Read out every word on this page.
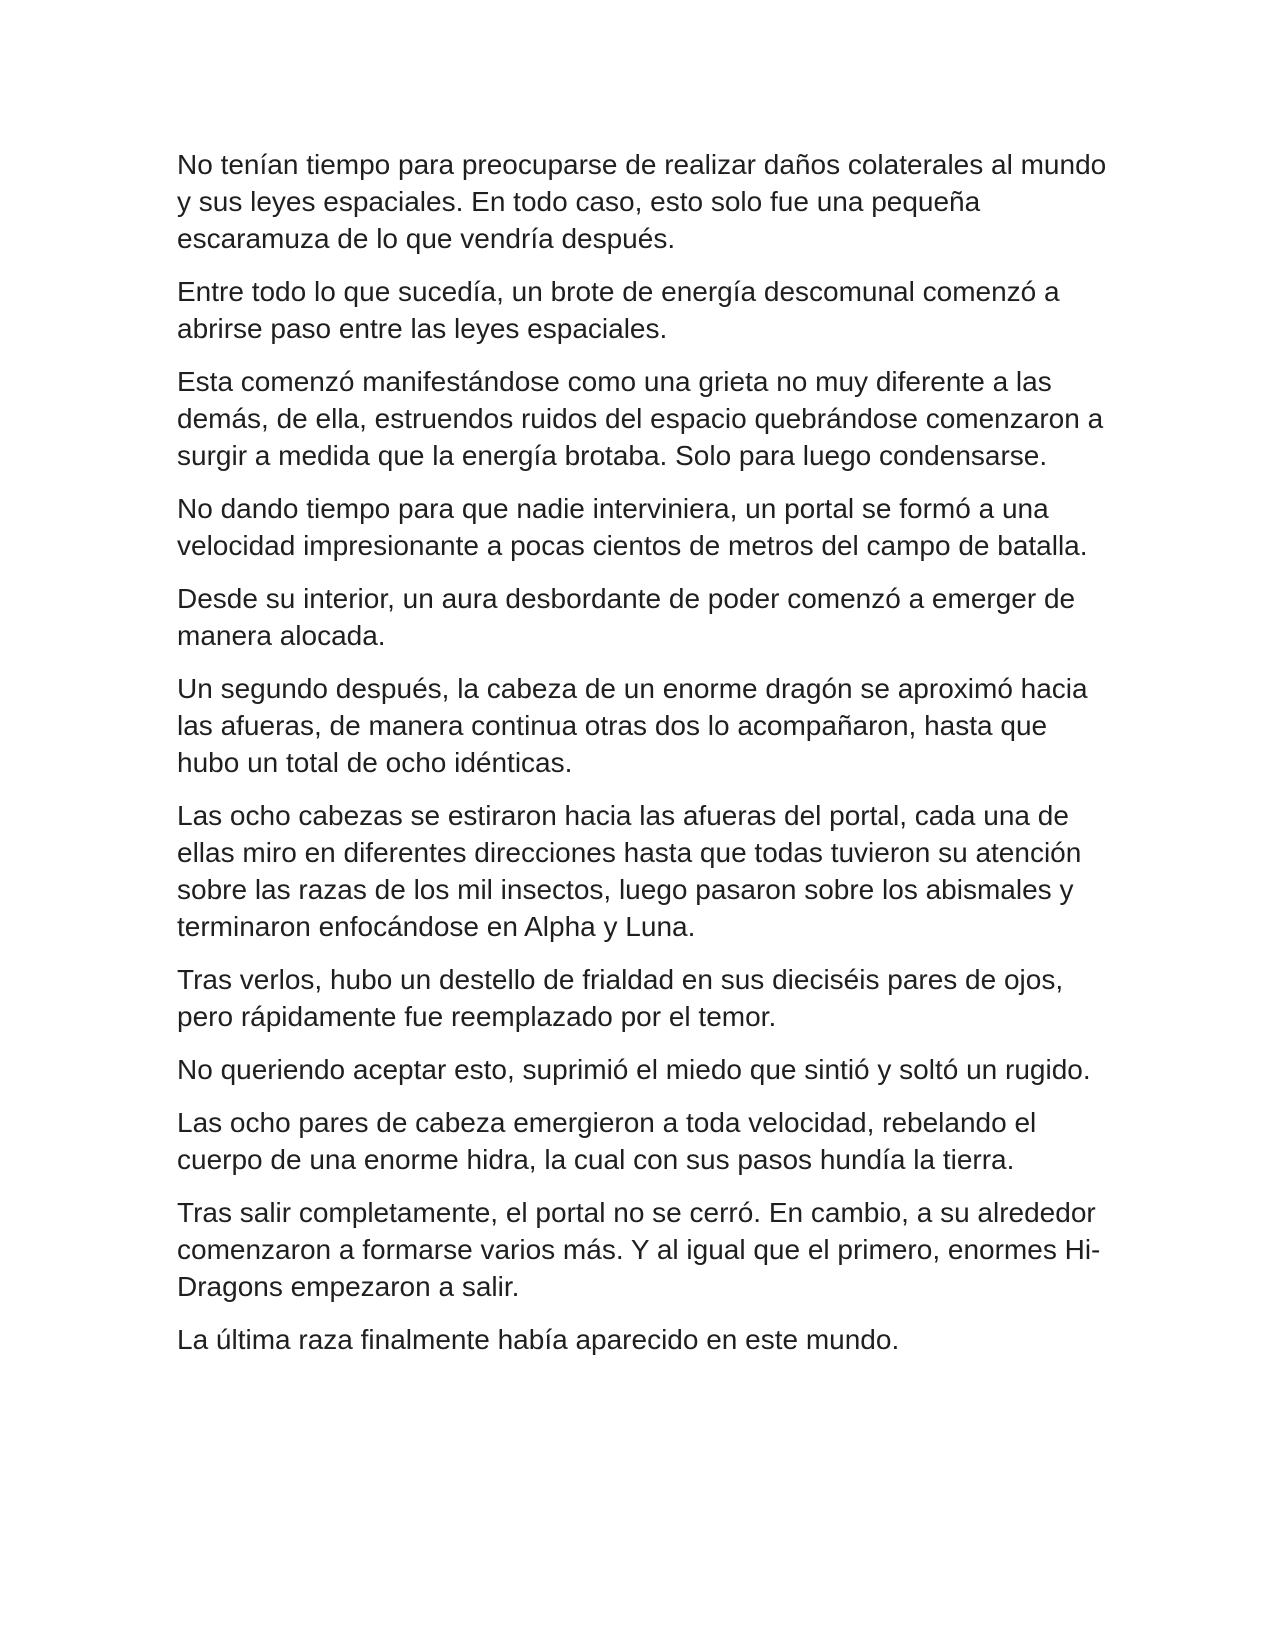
No tenían tiempo para preocuparse de realizar daños colaterales al mundo y sus leyes espaciales. En todo caso, esto solo fue una pequeña escaramuza de lo que vendría después.

Entre todo lo que sucedía, un brote de energía descomunal comenzó a abrirse paso entre las leyes espaciales.

Esta comenzó manifestándose como una grieta no muy diferente a las demás, de ella, estruendos ruidos del espacio quebrándose comenzaron a surgir a medida que la energía brotaba. Solo para luego condensarse.

No dando tiempo para que nadie interviniera, un portal se formó a una velocidad impresionante a pocas cientos de metros del campo de batalla.

Desde su interior, un aura desbordante de poder comenzó a emerger de manera alocada.

Un segundo después, la cabeza de un enorme dragón se aproximó hacia las afueras, de manera continua otras dos lo acompañaron, hasta que hubo un total de ocho idénticas.

Las ocho cabezas se estiraron hacia las afueras del portal, cada una de ellas miro en diferentes direcciones hasta que todas tuvieron su atención sobre las razas de los mil insectos, luego pasaron sobre los abismales y terminaron enfocándose en Alpha y Luna.

Tras verlos, hubo un destello de frialdad en sus dieciséis pares de ojos, pero rápidamente fue reemplazado por el temor.

No queriendo aceptar esto, suprimió el miedo que sintió y soltó un rugido.

Las ocho pares de cabeza emergieron a toda velocidad, rebelando el cuerpo de una enorme hidra, la cual con sus pasos hundía la tierra.

Tras salir completamente, el portal no se cerró. En cambio, a su alrededor comenzaron a formarse varios más. Y al igual que el primero, enormes Hi-Dragons empezaron a salir.

La última raza finalmente había aparecido en este mundo.
